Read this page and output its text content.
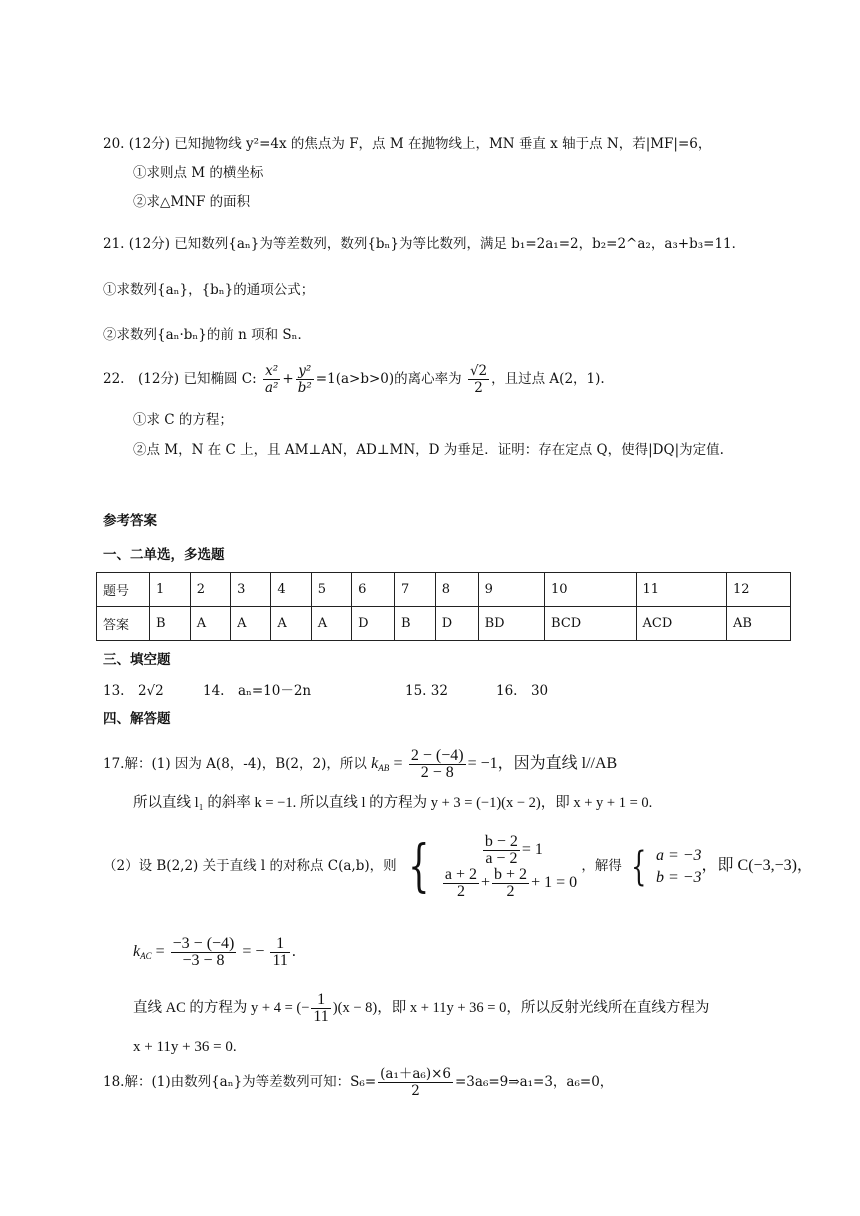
20. (12分) 已知抛物线 y²=4x 的焦点为 F，点 M 在抛物线上，MN 垂直 x 轴于点 N，若|MF|=6，
①求则点 M 的横坐标
②求△MNF 的面积
21. (12分) 已知数列{aₙ}为等差数列，数列{bₙ}为等比数列，满足 b₁=2a₁=2，b₂=2^a₂，a₃+b₃=11．
①求数列{aₙ}，{bₙ}的通项公式；
②求数列{aₙ·bₙ}的前 n 项和 Sₙ．
22.　(12分) 已知椭圆 C: $\frac{\text{x²}}{\text{a²}} + \frac{\text{y²}}{\text{b²}} =1(a>b>0)$的离心率为 $\frac{√2}{2}$ ，且过点 A(2，1).
①求 C 的方程；
②点 M，N 在 C 上，且 AM⊥AN，AD⊥MN，D 为垂足．证明：存在定点 Q，使得|DQ|为定值.
参考答案
一、二单选，多选题
题号	1	2	3	4	5	6	7	8	9	10	11	12
答案	B	A	A	A	A	D	B	D	BD	BCD	ACD	AB
三、填空题
13.　2√2	14.　aₙ=10－2n	15. 32	16.　30
四、解答题
17.解：(1) 因为 A(8，-4)，B(2，2)，所以 $k_{AB} = \frac{2 - (-4)}{2 - 8} = -1$，因为直线 l//AB
所以直线 l₁ 的斜率 k = −1. 所以直线 l 的方程为 y + 3 = (−1)(x − 2)，即 x + y + 1 = 0.
（2）设 B(2,2) 关于直线 l 的对称点 C(a,b)，则 {	$\frac{b - 2}{a - 2} = 1$
$\frac{a + 2}{2} + \frac{b + 2}{2} + 1 = 0$
，解得 { a = −3
b = −3
，即 C(−3,−3)，
$k_{AC} = \frac{-3 - (-4)}{-3 - 8}$ = − $\frac{1}{11}$ .
直线 AC 的方程为 y + 4 = (− $\frac{1}{11} )(x - 8)$，即 x + 11y + 36 = 0，所以反射光线所在直线方程为
x + 11y + 36 = 0.
18.解：(1)由数列{aₙ}为等差数列可知：$S_6= \frac{\text{(a₁＋a₆)×6}}{2}$ =3a₆=9⇒a₁=3，a₆=0，
